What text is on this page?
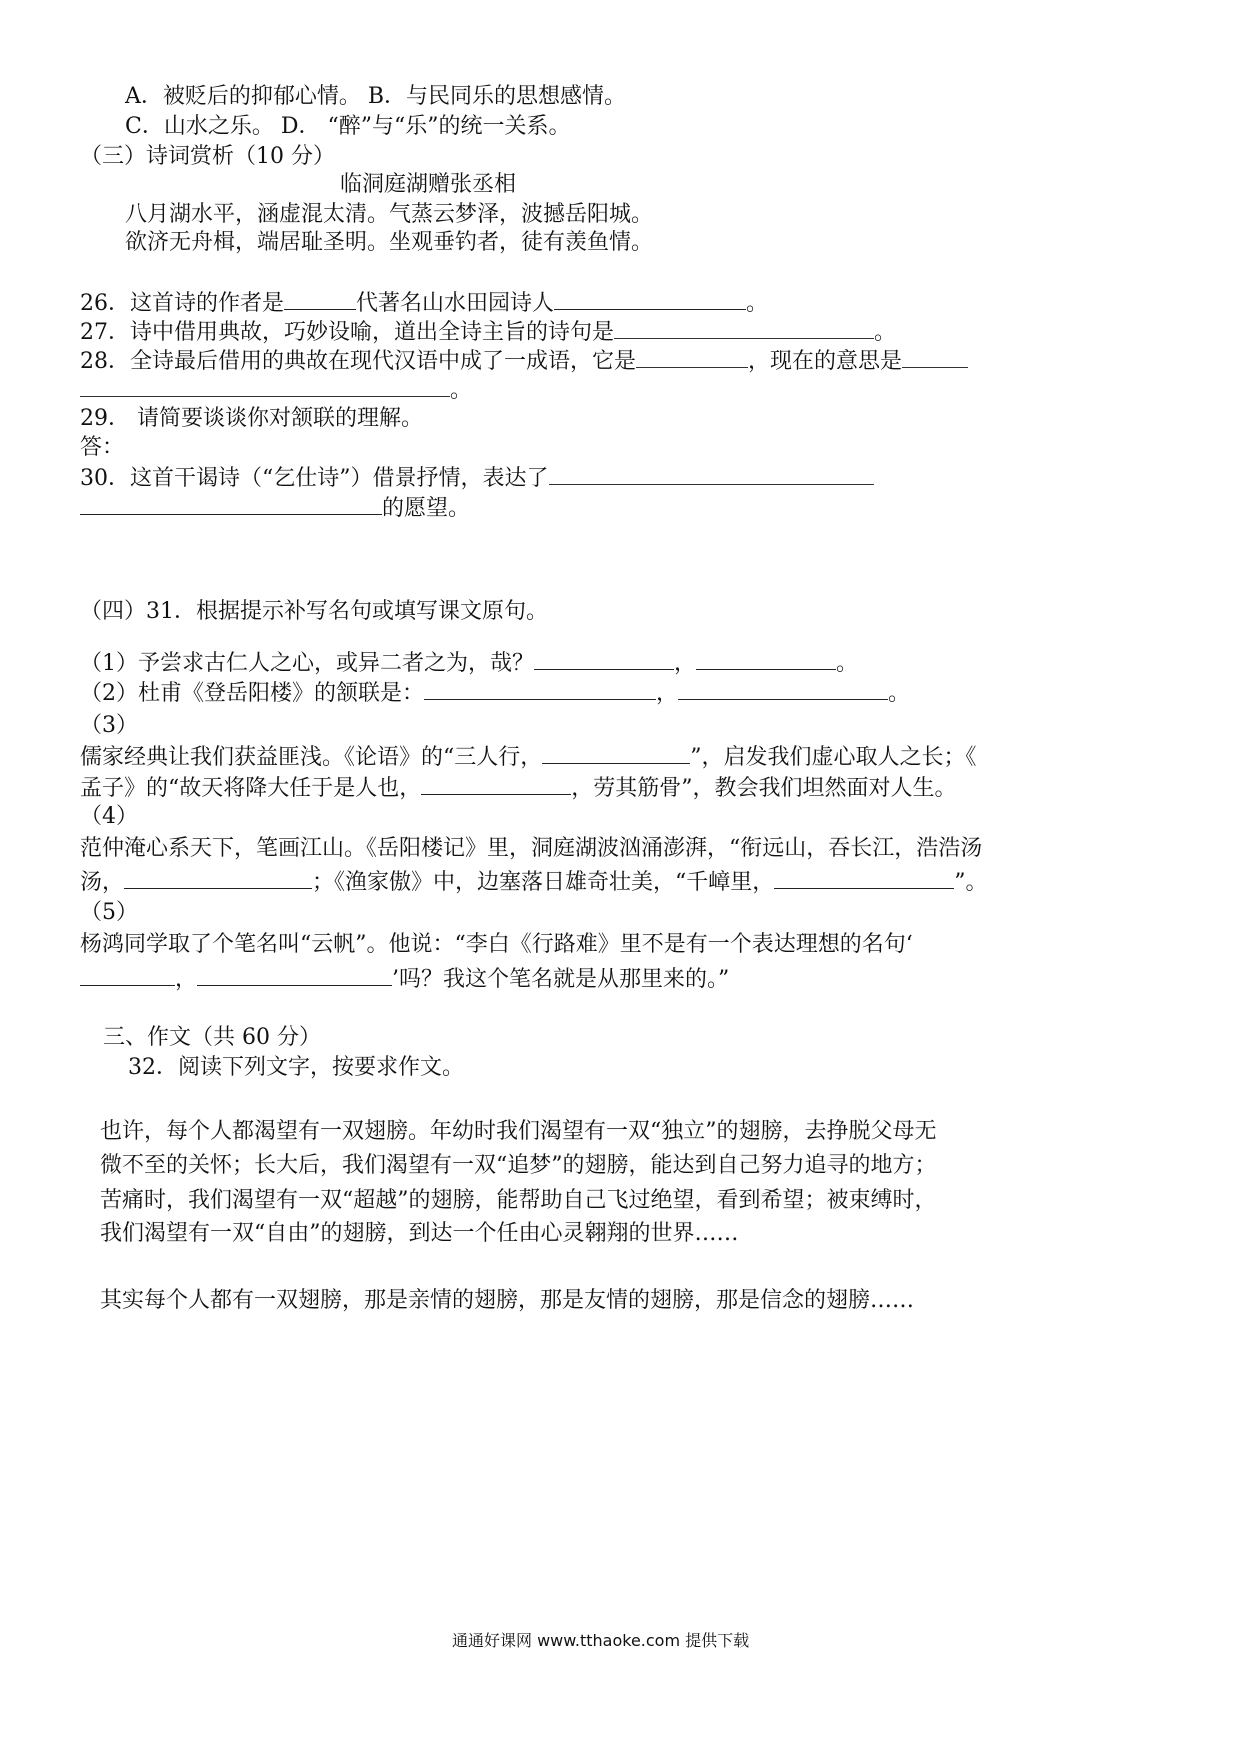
A．被贬后的抑郁心情。 B．与民同乐的思想感情。
C．山水之乐。 D． “醉”与“乐”的统一关系。
（三）诗词赏析（10 分）
临洞庭湖赠张丞相
八月湖水平，涵虚混太清。气蒸云梦泽，波撼岳阳城。
欲济无舟楫，端居耻圣明。坐观垂钓者，徒有羡鱼情。
26．这首诗的作者是	代著名山水田园诗人	。
27．诗中借用典故，巧妙设喻，道出全诗主旨的诗句是	。
28．全诗最后借用的典故在现代汉语中成了一成语，它是	，现在的意思是
。
29． 请简要谈谈你对颔联的理解。
答：
30．这首干谒诗（“乞仕诗”）借景抒情，表达了
的愿望。
（四）31．根据提示补写名句或填写课文原句。
（1）予尝求古仁人之心，或异二者之为，哉？	，	。
（2）杜甫《登岳阳楼》的颔联是：	，	。
（3）
儒家经典让我们获益匪浅。《论语》的“三人行，	”，启发我们虚心取人之长；《
孟子》的“故天将降大任于是人也，	，劳其筋骨”，教会我们坦然面对人生。
（4）
范仲淹心系天下，笔画江山。《岳阳楼记》里，洞庭湖波汹涌澎湃，“衔远山，吞长江，浩浩汤
汤，	；《渔家傲》中，边塞落日雄奇壮美，“千嶂里，	”。
（5）
杨鸿同学取了个笔名叫“云帆”。他说：“李白《行路难》里不是有一个表达理想的名句‘
，	’吗？我这个笔名就是从那里来的。”
三、作文（共 60 分）
32．阅读下列文字，按要求作文。
也许，每个人都渴望有一双翅膀。年幼时我们渴望有一双“独立”的翅膀，去挣脱父母无
微不至的关怀；长大后，我们渴望有一双“追梦”的翅膀，能达到自己努力追寻的地方；
苦痛时，我们渴望有一双“超越”的翅膀，能帮助自己飞过绝望，看到希望；被束缚时，
我们渴望有一双“自由”的翅膀，到达一个任由心灵翱翔的世界……
其实每个人都有一双翅膀，那是亲情的翅膀，那是友情的翅膀，那是信念的翅膀……
通通好课网 www.tthaoke.com 提供下载
